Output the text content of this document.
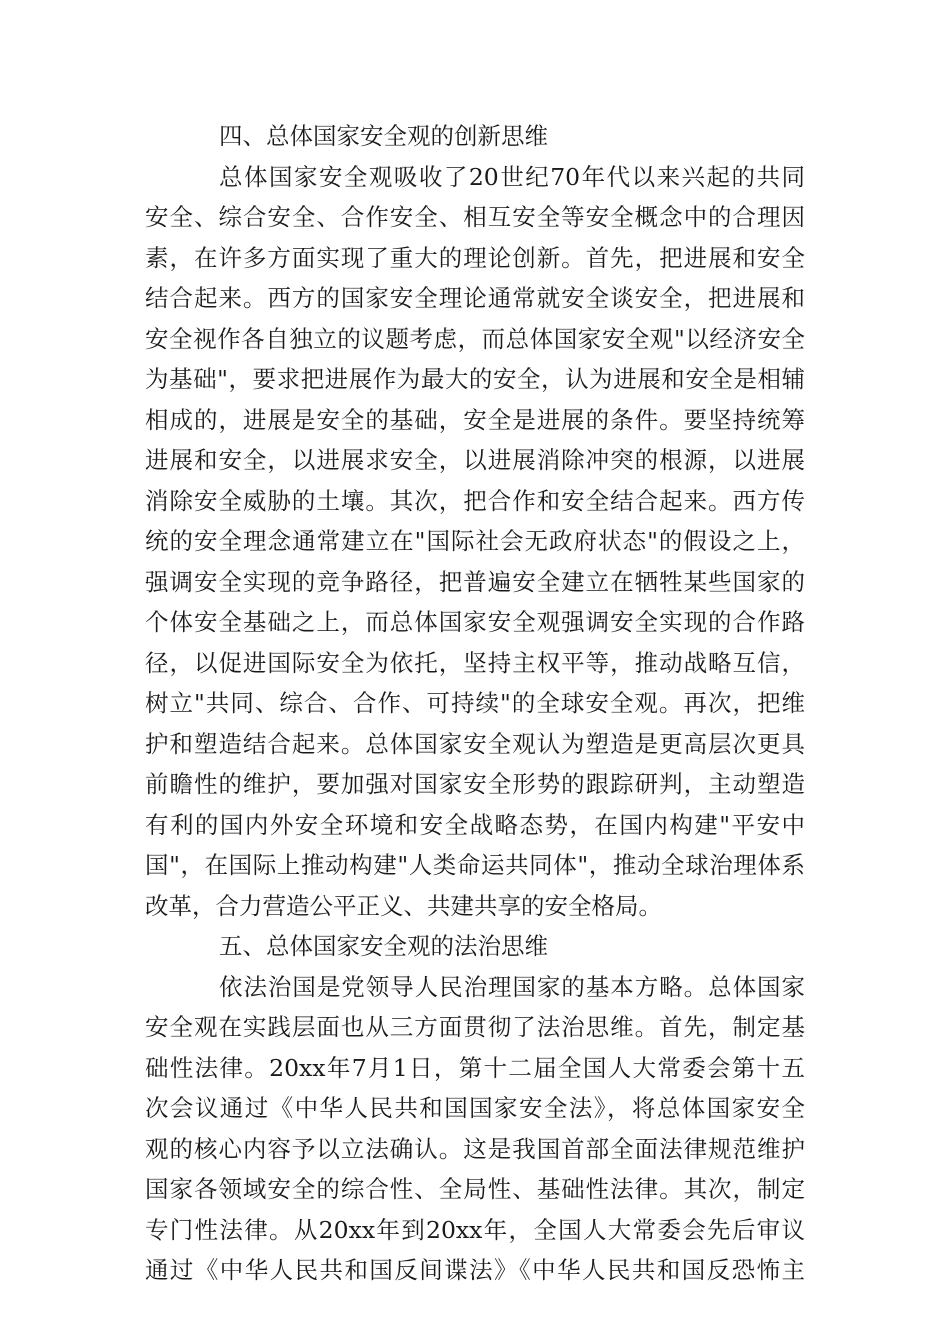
四、总体国家安全观的创新思维
总体国家安全观吸收了20世纪70年代以来兴起的共同
安全、综合安全、合作安全、相互安全等安全概念中的合理因
素，在许多方面实现了重大的理论创新。首先，把进展和安全
结合起来。西方的国家安全理论通常就安全谈安全，把进展和
安全视作各自独立的议题考虑，而总体国家安全观"以经济安全
为基础"，要求把进展作为最大的安全，认为进展和安全是相辅
相成的，进展是安全的基础，安全是进展的条件。要坚持统筹
进展和安全，以进展求安全，以进展消除冲突的根源，以进展
消除安全威胁的土壤。其次，把合作和安全结合起来。西方传
统的安全理念通常建立在"国际社会无政府状态"的假设之上，
强调安全实现的竞争路径，把普遍安全建立在牺牲某些国家的
个体安全基础之上，而总体国家安全观强调安全实现的合作路
径，以促进国际安全为依托，坚持主权平等，推动战略互信，
树立"共同、综合、合作、可持续"的全球安全观。再次，把维
护和塑造结合起来。总体国家安全观认为塑造是更高层次更具
前瞻性的维护，要加强对国家安全形势的跟踪研判，主动塑造
有利的国内外安全环境和安全战略态势，在国内构建"平安中
国"，在国际上推动构建"人类命运共同体"，推动全球治理体系
改革，合力营造公平正义、共建共享的安全格局。
五、总体国家安全观的法治思维
依法治国是党领导人民治理国家的基本方略。总体国家
安全观在实践层面也从三方面贯彻了法治思维。首先，制定基
础性法律。20xx年7月1日，第十二届全国人大常委会第十五
次会议通过《中华人民共和国国家安全法》，将总体国家安全
观的核心内容予以立法确认。这是我国首部全面法律规范维护
国家各领域安全的综合性、全局性、基础性法律。其次，制定
专门性法律。从20xx年到20xx年，全国人大常委会先后审议
通过《中华人民共和国反间谍法》《中华人民共和国反恐怖主
